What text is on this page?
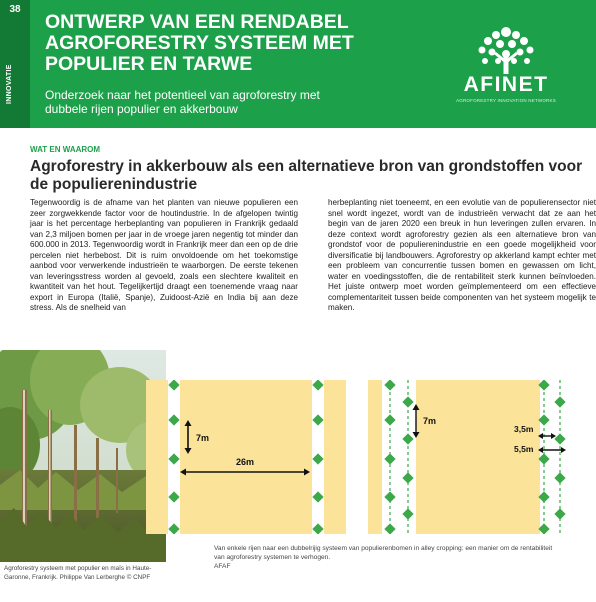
38
INNOVATIE
ONTWERP VAN EEN RENDABEL AGROFORESTRY SYSTEEM MET POPULIER EN TARWE

Onderzoek naar het potentieel van agroforestry met dubbele rijen populier en akkerbouw

AFINET
AGROFORESTRY INNOVATION NETWORKS
WAT EN WAAROM
Agroforestry in akkerbouw als een alternatieve bron van grondstoffen voor de populierenindustrie

Tegenwoordig is de afname van het planten van nieuwe populieren een zeer zorgwekkende factor voor de houtindustrie. In de afgelopen twintig jaar is het percentage herbeplanting van populieren in Frankrijk gedaald van 2,3 miljoen bomen per jaar in de vroege jaren negentig tot minder dan 600.000 in 2013. Tegenwoordig wordt in Frankrijk meer dan een op de drie percelen niet herbebost. Dit is ruim onvoldoende om het toekomstige aanbod voor verwerkende industrieën te waarborgen. De eerste tekenen van leveringsstress worden al gevoeld, zoals een slechtere kwaliteit en kwantiteit van het hout. Tegelijkertijd draagt een toenemende vraag naar export in Europa (Italië, Spanje), Zuidoost-Azië en India bij aan deze stress. Als de snelheid van

herbeplanting niet toeneemt, en een evolutie van de populierensector niet snel wordt ingezet, wordt van de industrieën verwacht dat ze aan het begin van de jaren 2020 een breuk in hun leveringen zullen ervaren. In deze context wordt agroforestry gezien als een alternatieve bron van grondstof voor de populierenindustrie en een goede mogelijkheid voor diversificatie bij landbouwers. Agroforestry op akkerland kampt echter met een probleem van concurrentie tussen bomen en gewassen om licht, water en voedingsstoffen, die de rentabiliteit sterk kunnen beïnvloeden. Het juiste ontwerp moet worden geïmplementeerd om een effectieve complementariteit tussen beide componenten van het systeem mogelijk te maken.

Agroforestry systeem met populier en maïs in Haute-Garonne, Frankrijk. Philippe Van Lerberghe © CNPF

7m
26m
7m
3,5m
5,5m
Van enkele rijen naar een dubbelrijig systeem van populierenbomen in alley cropping: een manier om de rentabiliteit van agroforestry systemen te verhogen.
AFAF
